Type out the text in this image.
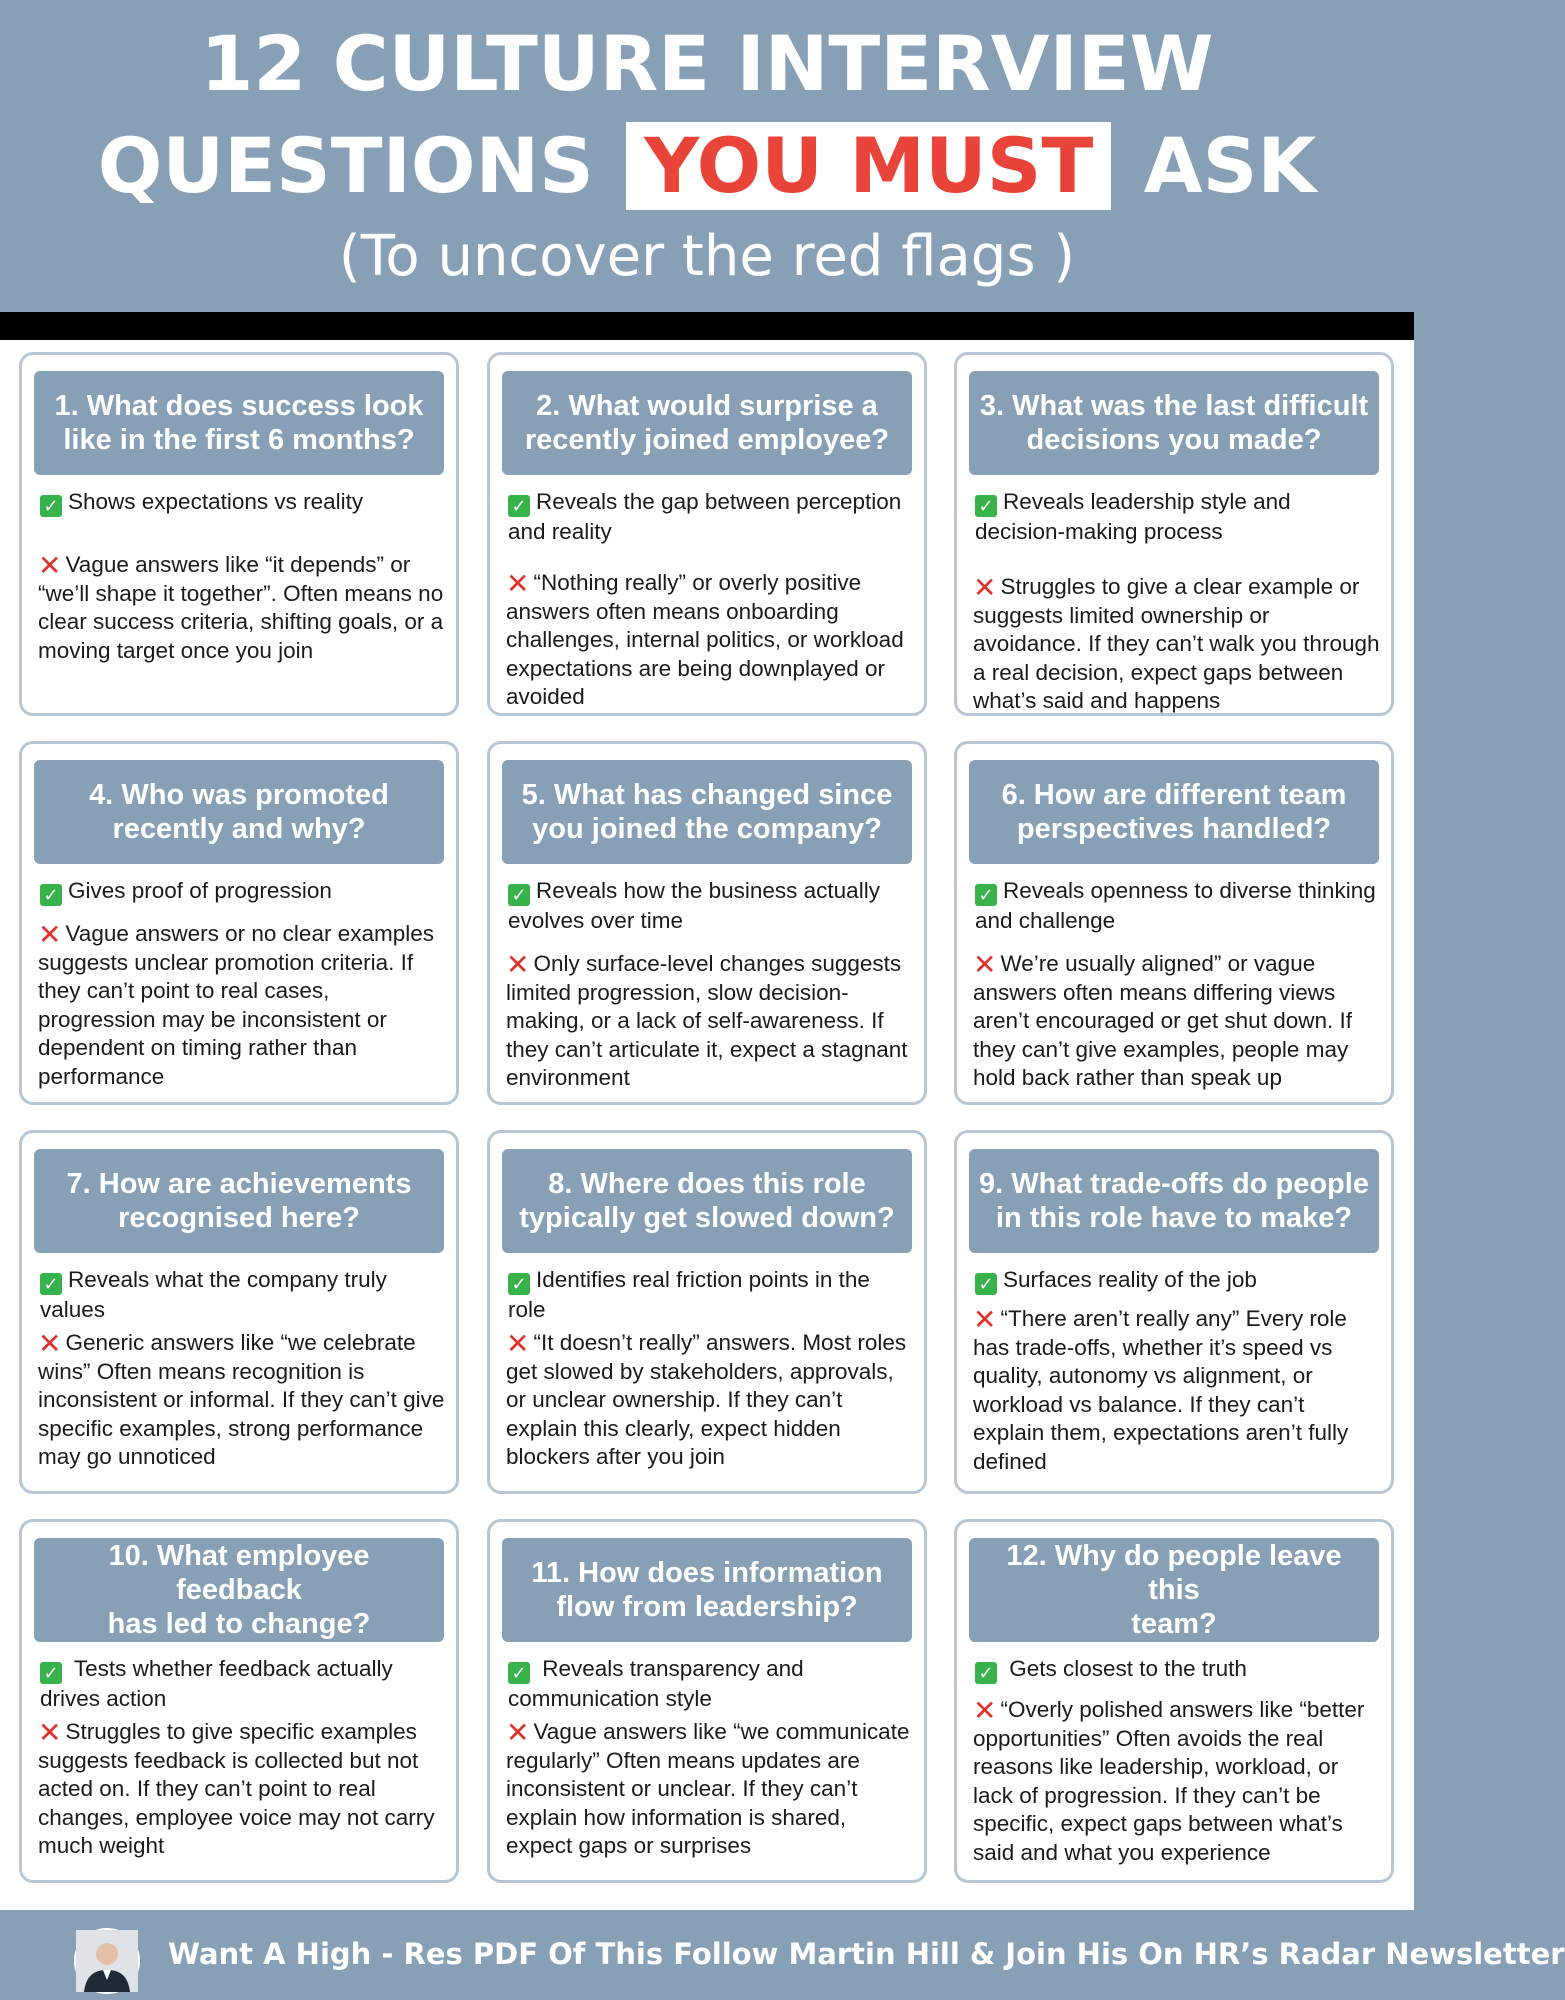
12 CULTURE INTERVIEW
QUESTIONS YOU MUST ASK
(To uncover the red flags )
1. What does success look
like in the first 6 months?
✓ Shows expectations vs reality
✕ Vague answers like “it depends” or “we’ll shape it together”. Often means no clear success criteria, shifting goals, or a moving target once you join
2. What would surprise a
recently joined employee?
✓ Reveals the gap between perception and reality
✕ “Nothing really” or overly positive answers often means onboarding challenges, internal politics, or workload expectations are being downplayed or avoided
3. What was the last difficult
decisions you made?
✓ Reveals leadership style and decision-making process
✕ Struggles to give a clear example or suggests limited ownership or avoidance. If they can’t walk you through a real decision, expect gaps between what’s said and happens
4. Who was promoted
recently and why?
✓ Gives proof of progression
✕ Vague answers or no clear examples suggests unclear promotion criteria. If they can’t point to real cases, progression may be inconsistent or dependent on timing rather than performance
5. What has changed since
you joined the company?
✓ Reveals how the business actually evolves over time
✕ Only surface-level changes suggests limited progression, slow decision-making, or a lack of self-awareness. If they can’t articulate it, expect a stagnant environment
6. How are different team
perspectives handled?
✓ Reveals openness to diverse thinking and challenge
✕ We’re usually aligned” or vague answers often means differing views aren’t encouraged or get shut down. If they can’t give examples, people may hold back rather than speak up
7. How are achievements
recognised here?
✓ Reveals what the company truly values
✕ Generic answers like “we celebrate wins” Often means recognition is inconsistent or informal. If they can’t give specific examples, strong performance may go unnoticed
8. Where does this role
typically get slowed down?
✓ Identifies real friction points in the role
✕ “It doesn’t really” answers. Most roles get slowed by stakeholders, approvals, or unclear ownership. If they can’t explain this clearly, expect hidden blockers after you join
9. What trade-offs do people
in this role have to make?
✓ Surfaces reality of the job
✕ “There aren’t really any” Every role has trade-offs, whether it’s speed vs quality, autonomy vs alignment, or workload vs balance. If they can’t explain them, expectations aren’t fully defined
10. What employee feedback
has led to change?
✓ Tests whether feedback actually drives action
✕ Struggles to give specific examples suggests feedback is collected but not acted on. If they can’t point to real changes, employee voice may not carry much weight
11. How does information
flow from leadership?
✓ Reveals transparency and communication style
✕ Vague answers like “we communicate regularly” Often means updates are inconsistent or unclear. If they can’t explain how information is shared, expect gaps or surprises
12. Why do people leave this
team?
✓ Gets closest to the truth
✕ “Overly polished answers like “better opportunities” Often avoids the real reasons like leadership, workload, or lack of progression. If they can’t be specific, expect gaps between what’s said and what you experience
Want A High - Res PDF Of This Follow Martin Hill & Join His On HR’s Radar Newsletter
